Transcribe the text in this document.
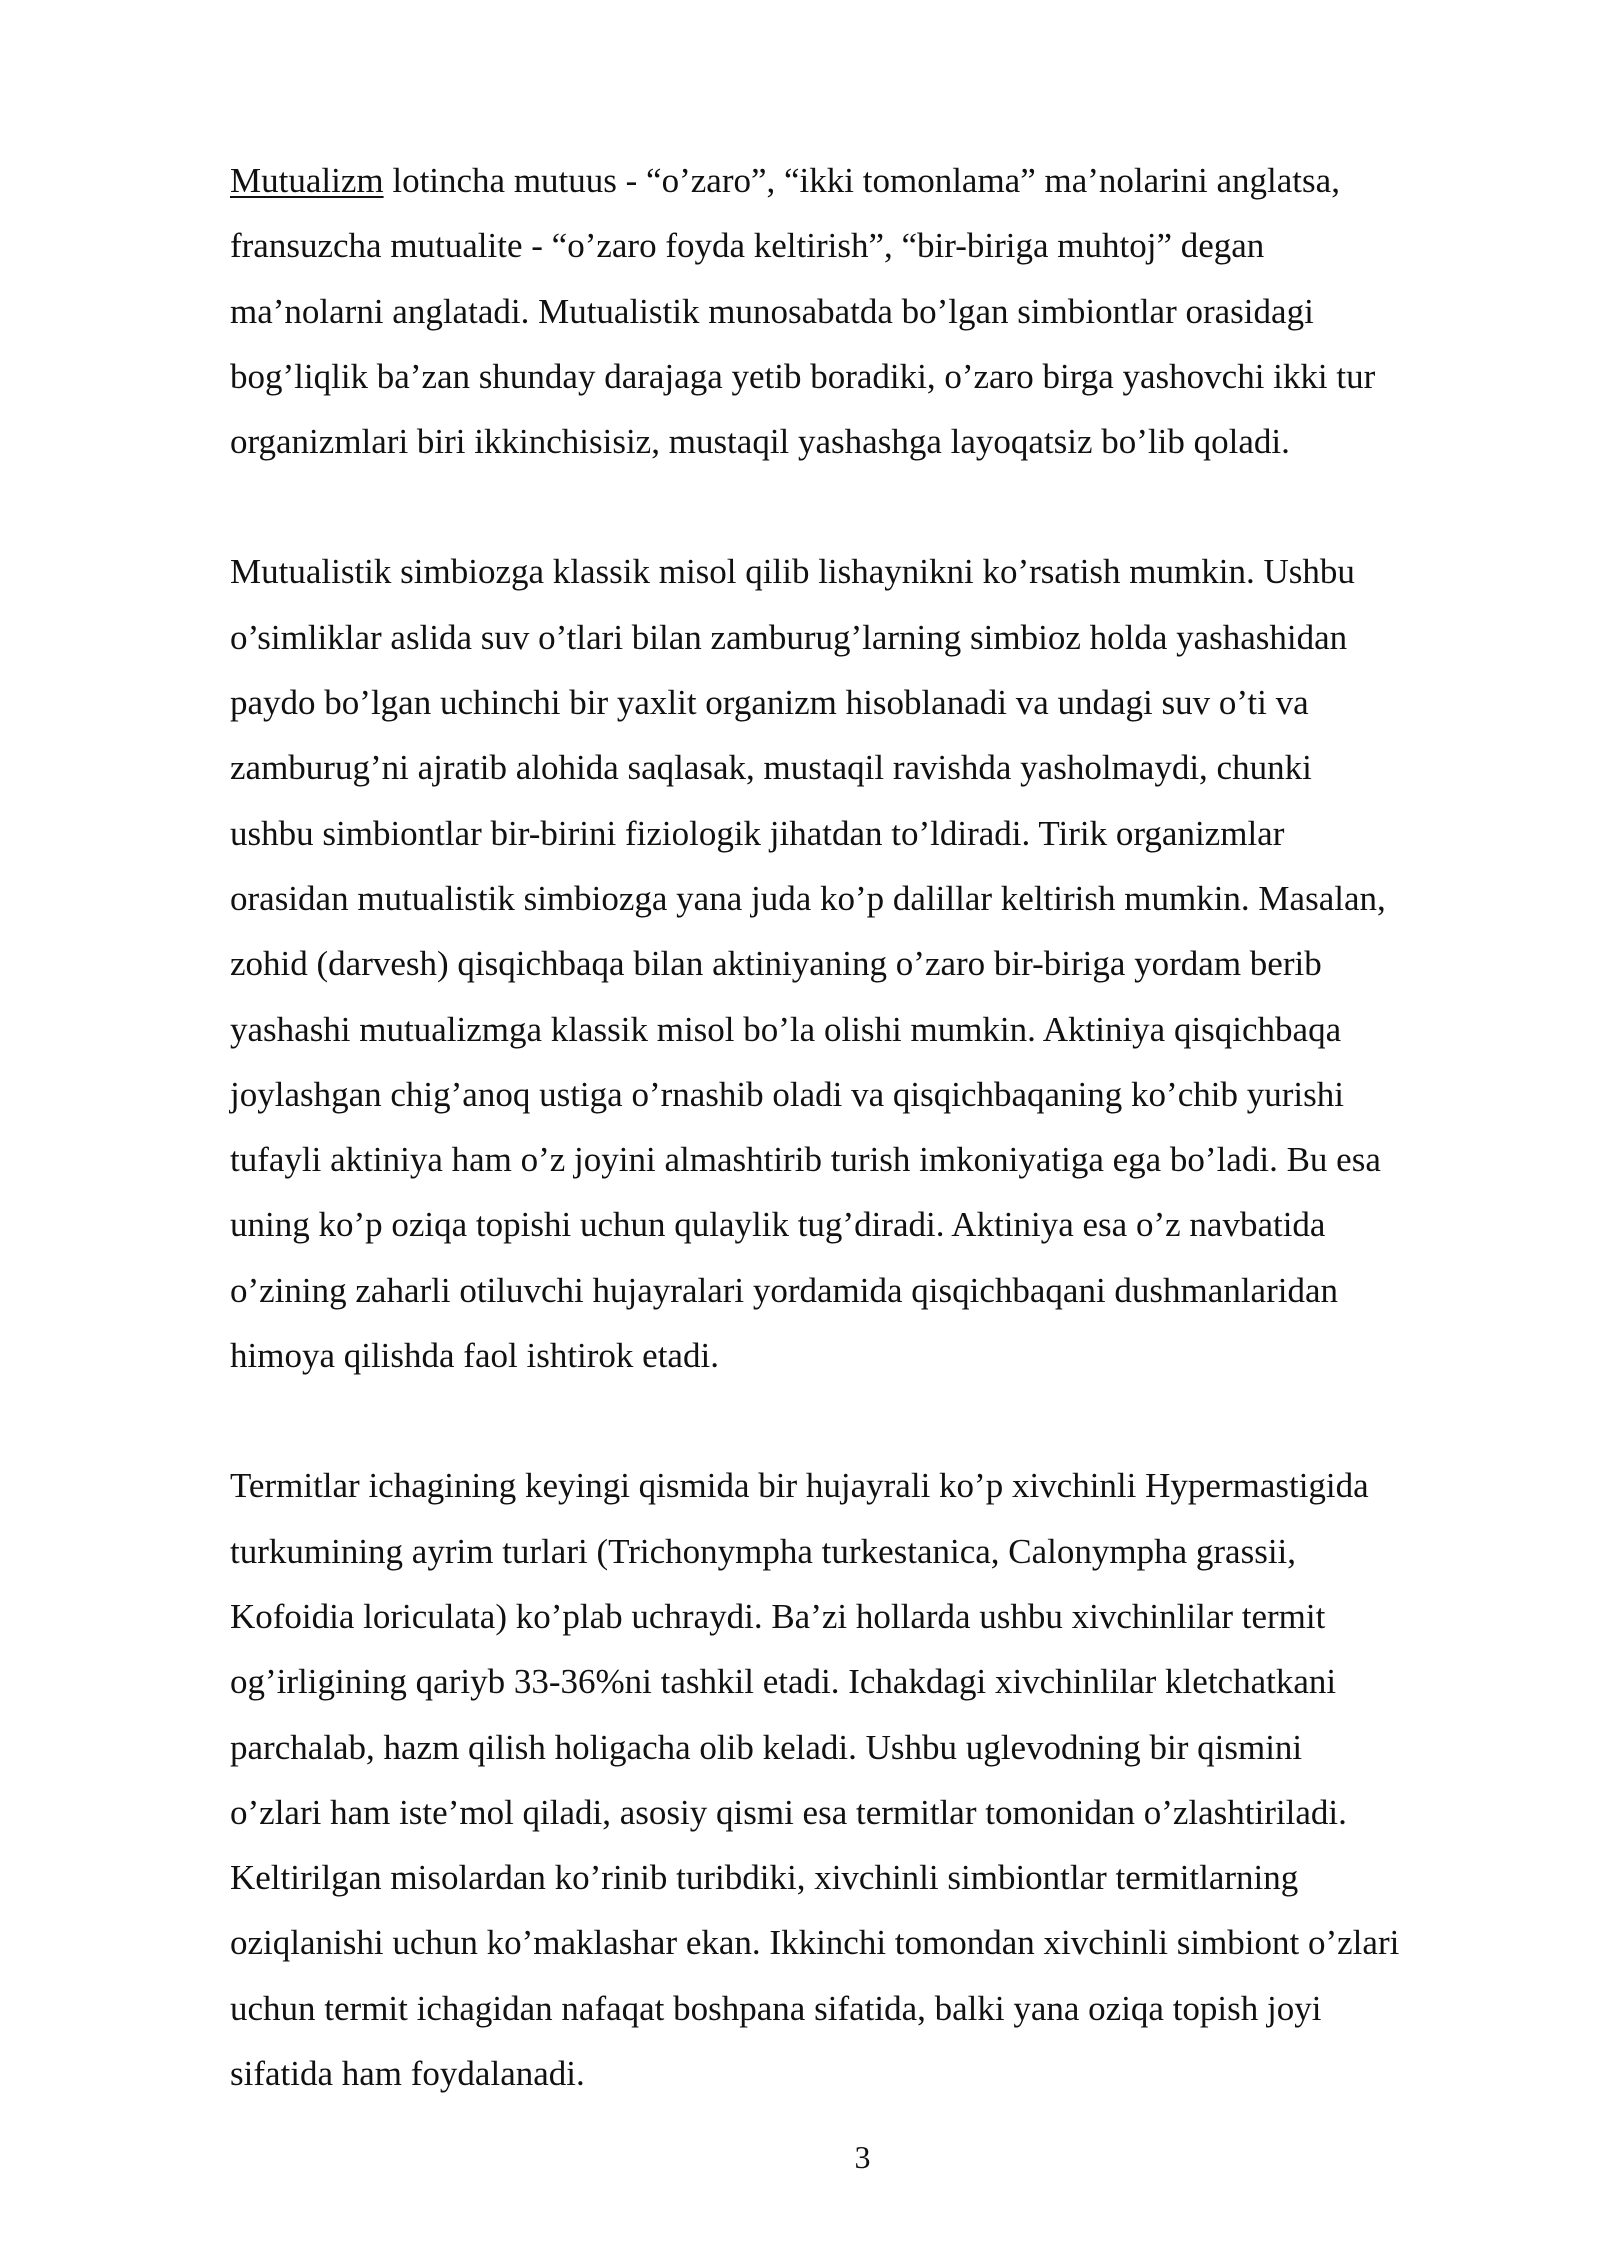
Mutualizm lotincha mutuus - “o’zaro”, “ikki tomonlama” ma’nolarini anglatsa,
fransuzcha mutualite - “o’zaro foyda keltirish”, “bir-biriga muhtoj” degan
ma’nolarni anglatadi. Mutualistik munosabatda bo’lgan simbiontlar orasidagi
bog’liqlik ba’zan shunday darajaga yetib boradiki, o’zaro birga yashovchi ikki tur
organizmlari biri ikkinchisisiz, mustaqil yashashga layoqatsiz bo’lib qoladi.

Mutualistik simbiozga klassik misol qilib lishaynikni ko’rsatish mumkin. Ushbu
o’simliklar aslida suv o’tlari bilan zamburug’larning simbioz holda yashashidan
paydo bo’lgan uchinchi bir yaxlit organizm hisoblanadi va undagi suv o’ti va
zamburug’ni ajratib alohida saqlasak, mustaqil ravishda yasholmaydi, chunki
ushbu simbiontlar bir-birini fiziologik jihatdan to’ldiradi. Tirik organizmlar
orasidan mutualistik simbiozga yana juda ko’p dalillar keltirish mumkin. Masalan,
zohid (darvesh) qisqichbaqa bilan aktiniyaning o’zaro bir-biriga yordam berib
yashashi mutualizmga klassik misol bo’la olishi mumkin. Aktiniya qisqichbaqa
joylashgan chig’anoq ustiga o’rnashib oladi va qisqichbaqaning ko’chib yurishi
tufayli aktiniya ham o’z joyini almashtirib turish imkoniyatiga ega bo’ladi. Bu esa
uning ko’p oziqa topishi uchun qulaylik tug’diradi. Aktiniya esa o’z navbatida
o’zining zaharli otiluvchi hujayralari yordamida qisqichbaqani dushmanlaridan
himoya qilishda faol ishtirok etadi.

Termitlar ichagining keyingi qismida bir hujayrali ko’p xivchinli Hypermastigida
turkumining ayrim turlari (Trichonympha turkestanica, Calonympha grassii,
Kofoidia loriculata) ko’plab uchraydi. Ba’zi hollarda ushbu xivchinlilar termit
og’irligining qariyb 33-36%ni tashkil etadi. Ichakdagi xivchinlilar kletchatkani
parchalab, hazm qilish holigacha olib keladi. Ushbu uglevodning bir qismini
o’zlari ham iste’mol qiladi, asosiy qismi esa termitlar tomonidan o’zlashtiriladi.
Keltirilgan misolardan ko’rinib turibdiki, xivchinli simbiontlar termitlarning
oziqlanishi uchun ko’maklashar ekan. Ikkinchi tomondan xivchinli simbiont o’zlari
uchun termit ichagidan nafaqat boshpana sifatida, balki yana oziqa topish joyi
sifatida ham foydalanadi.

3
